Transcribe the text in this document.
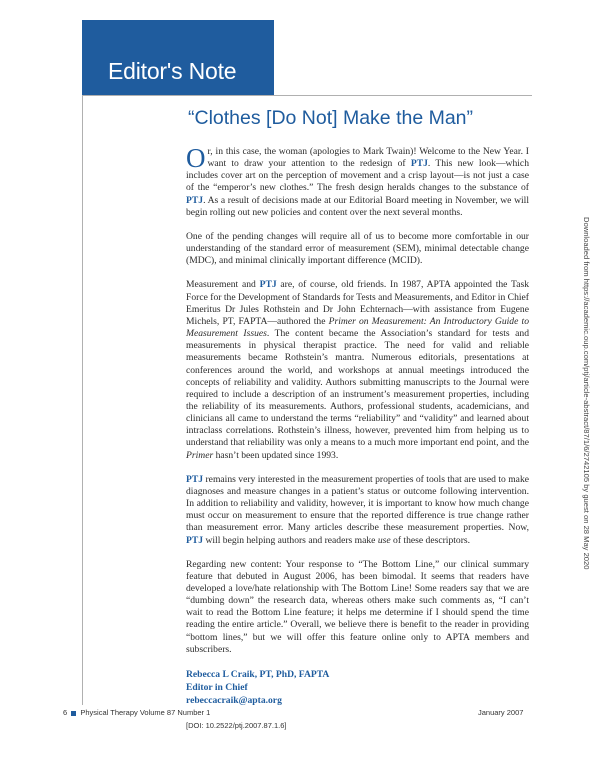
Editor's Note
“Clothes [Do Not] Make the Man”

Or, in this case, the woman (apologies to Mark Twain)! Welcome to the New Year. I want to draw your attention to the redesign of PTJ. This new look—which includes cover art on the perception of movement and a crisp layout—is not just a case of the “emperor’s new clothes.” The fresh design heralds changes to the substance of PTJ. As a result of decisions made at our Editorial Board meeting in November, we will begin rolling out new policies and content over the next several months.

One of the pending changes will require all of us to become more comfortable in our understanding of the standard error of measurement (SEM), minimal detectable change (MDC), and minimal clinically important difference (MCID).

Measurement and PTJ are, of course, old friends. In 1987, APTA appointed the Task Force for the Development of Standards for Tests and Measurements, and Editor in Chief Emeritus Dr Jules Rothstein and Dr John Echternach—with assistance from Eugene Michels, PT, FAPTA—authored the Primer on Measurement: An Introductory Guide to Measurement Issues. The content became the Association’s standard for tests and measurements in physical therapist practice. The need for valid and reliable measurements became Rothstein’s mantra. Numerous editorials, presentations at conferences around the world, and workshops at annual meetings introduced the concepts of reliability and validity. Authors submitting manuscripts to the Journal were required to include a description of an instrument’s measurement properties, including the reliability of its measurements. Authors, professional students, academicians, and clinicians all came to understand the terms “reliability” and “validity” and learned about intraclass correlations. Rothstein’s illness, however, prevented him from helping us to understand that reliability was only a means to a much more important end point, and the Primer hasn’t been updated since 1993.

PTJ remains very interested in the measurement properties of tools that are used to make diagnoses and measure changes in a patient’s status or outcome following intervention. In addition to reliability and validity, however, it is important to know how much change must occur on measurement to ensure that the reported difference is true change rather than measurement error. Many articles describe these measurement properties. Now, PTJ will begin helping authors and readers make use of these descriptors.

Regarding new content: Your response to “The Bottom Line,” our clinical summary feature that debuted in August 2006, has been bimodal. It seems that readers have developed a love/hate relationship with The Bottom Line! Some readers say that we are “dumbing down” the research data, whereas others make such comments as, “I can’t wait to read the Bottom Line feature; it helps me determine if I should spend the time reading the entire article.” Overall, we believe there is benefit to the reader in providing “bottom lines,” but we will offer this feature online only to APTA members and subscribers.

Rebecca L Craik, PT, PhD, FAPTA
Editor in Chief
rebeccacraik@apta.org
[DOI: 10.2522/ptj.2007.87.1.6]
6 Physical Therapy Volume 87 Number 1	January 2007
Downloaded from https://academic.oup.com/ptj/article-abstract/87/1/6/2742105 by guest on 28 May 2020
